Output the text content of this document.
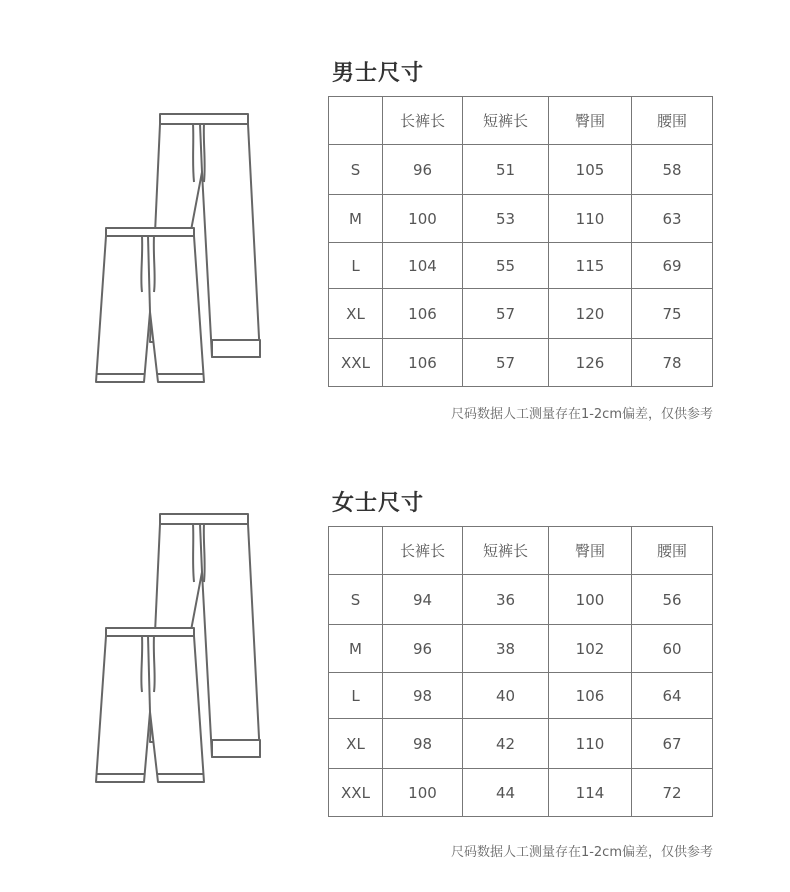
男士尺寸
	长裤长	短裤长	臀围	腰围
S	96	51	105	58
M	100	53	110	63
L	104	55	115	69
XL	106	57	120	75
XXL	106	57	126	78
尺码数据人工测量存在1-2cm偏差，仅供参考
女士尺寸
	长裤长	短裤长	臀围	腰围
S	94	36	100	56
M	96	38	102	60
L	98	40	106	64
XL	98	42	110	67
XXL	100	44	114	72
尺码数据人工测量存在1-2cm偏差，仅供参考
